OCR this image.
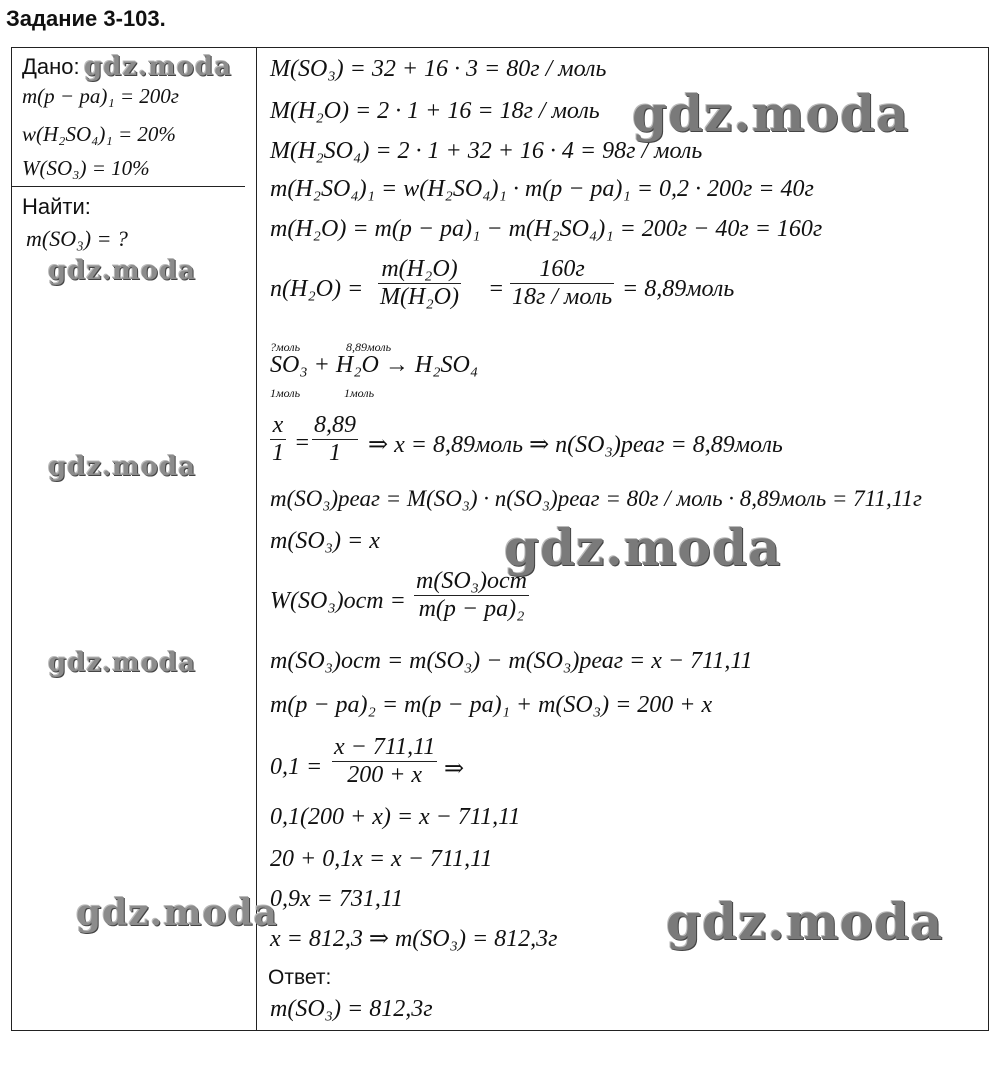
Задание 3-103.
Дано:
m(p − pa)₁ = 200г
w(H₂SO₄)₁ = 20%
W(SO₃) = 10%
Найти:
m(SO₃) = ?
M(SO₃) = 32 + 16 · 3 = 80г / моль
M(H₂O) = 2 · 1 + 16 = 18г / моль
M(H₂SO₄) = 2 · 1 + 32 + 16 · 4 = 98г / моль
m(H₂SO₄)₁ = w(H₂SO₄)₁ · m(p − pa)₁ = 0,2 · 200г = 40г
m(H₂O) = m(p − pa)₁ − m(H₂SO₄)₁ = 200г − 40г = 160г
$n(H_2O) = \frac{\text{m(H₂O)}}{\text{M(H₂O)}}$ =
160г
18г / моль = 8,89моль
?моль	8,89моль
SO₃ + H₂O → H₂SO₄
1моль	1моль
$\frac{x}{1} = \frac{8,89}{1}$ ⇒ x = 8,89моль ⇒ n(SO₃)реаг = 8,89моль
m(SO₃)реаг = M(SO₃) · n(SO₃)реаг = 80г / моль · 8,89моль = 711,11г
m(SO₃) = x
W(SO₃)ост =
m(SO₃)ост
m(p − pa)₂
m(SO₃)ост = m(SO₃) − m(SO₃)реаг = x − 711,11
m(p − pa)₂ = m(p − pa)₁ + m(SO₃) = 200 + x
$0,1 = \frac{x - 711,11}{200 + x}$ ⇒
0,1(200 + x) = x − 711,11
20 + 0,1x = x − 711,11
0,9x = 731,11
x = 812,3 ⇒ m(SO₃) = 812,3г
Ответ:
m(SO₃) = 812,3г
gdz.moda
gdz.moda
gdz.moda
gdz.moda
gdz.moda
gdz.moda
gdz.moda	gdz.moda
